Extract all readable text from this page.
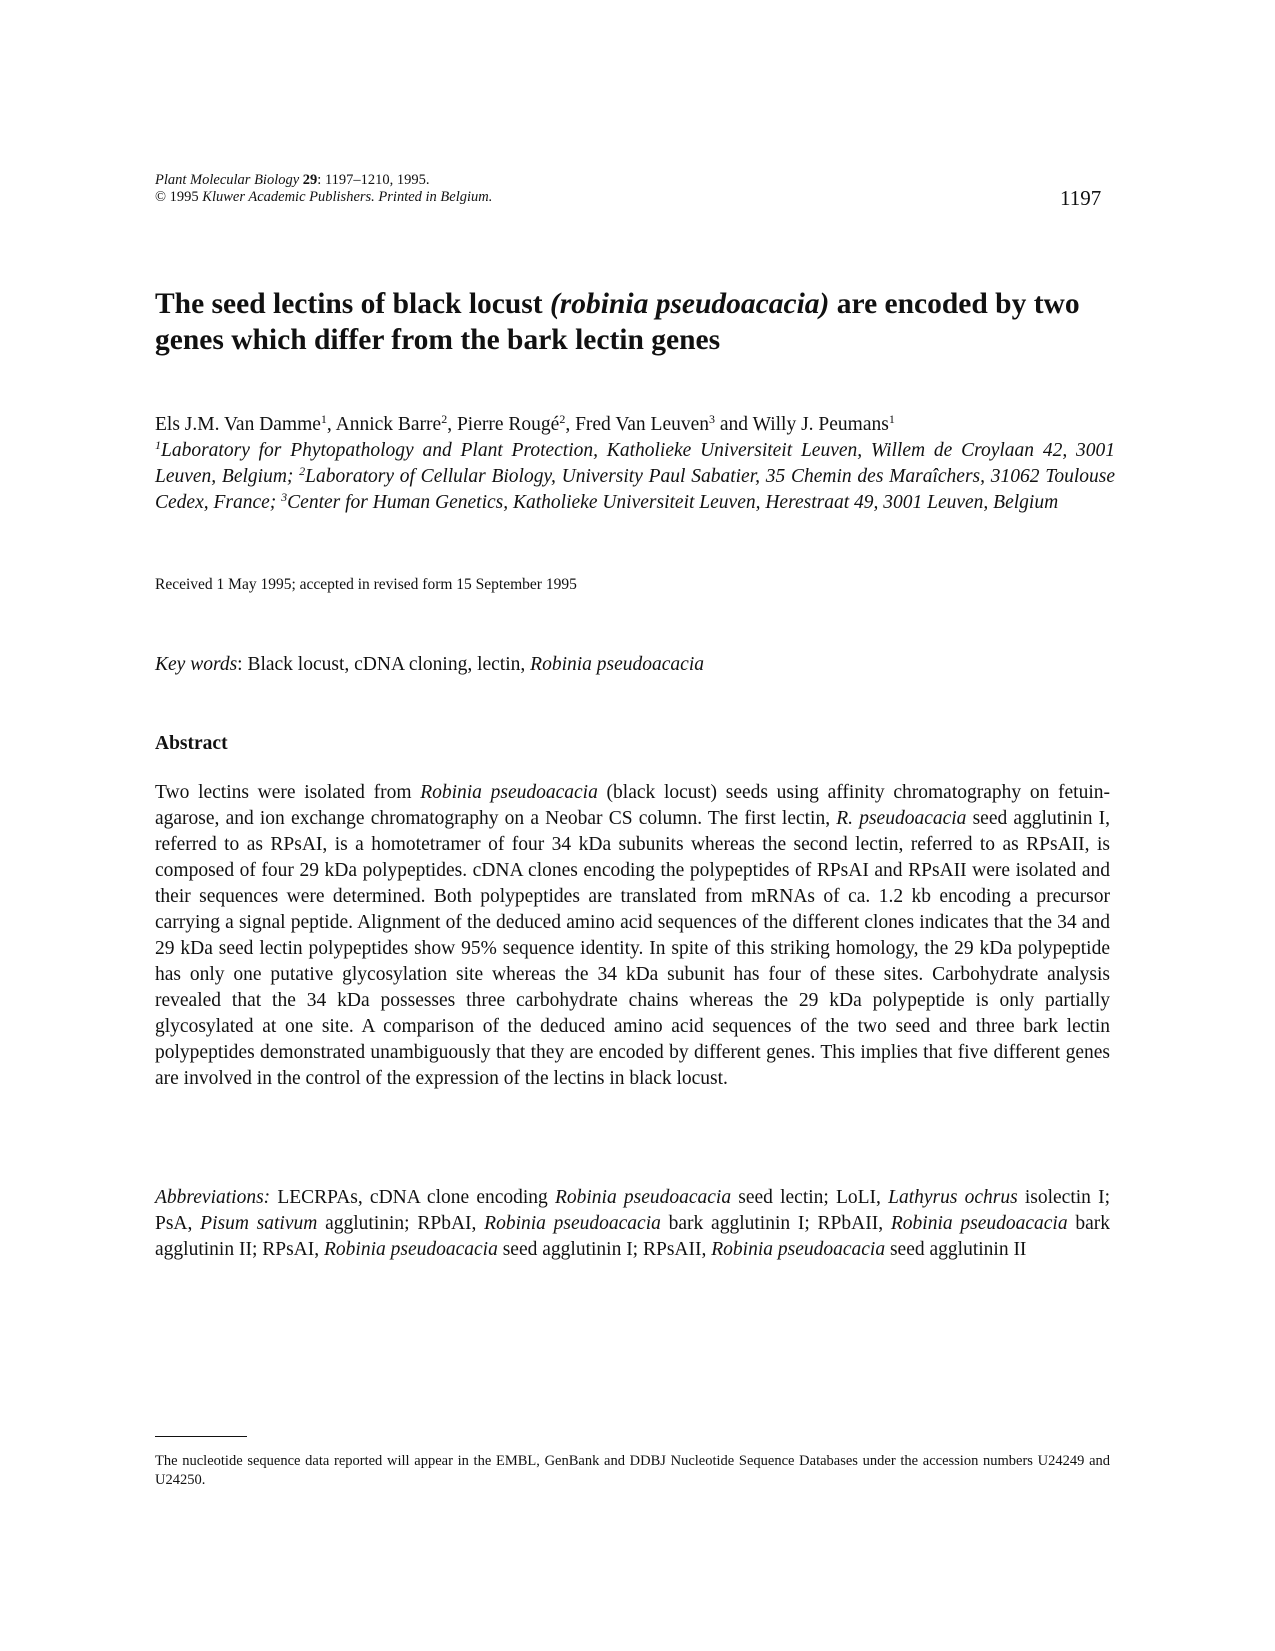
Plant Molecular Biology 29: 1197–1210, 1995.
© 1995 Kluwer Academic Publishers. Printed in Belgium.	1197
The seed lectins of black locust (robinia pseudoacacia) are encoded by two genes which differ from the bark lectin genes
Els J.M. Van Damme$^1$, Annick Barre$^2$, Pierre Rougé$^2$, Fred Van Leuven$^3$ and Willy J. Peumans$^1$
$^1$Laboratory for Phytopathology and Plant Protection, Katholieke Universiteit Leuven, Willem de Croylaan 42, 3001 Leuven, Belgium; $^2$Laboratory of Cellular Biology, University Paul Sabatier, 35 Chemin des Maraîchers, 31062 Toulouse Cedex, France; $^3$Center for Human Genetics, Katholieke Universiteit Leuven, Herestraat 49, 3001 Leuven, Belgium
Received 1 May 1995; accepted in revised form 15 September 1995
Key words: Black locust, cDNA cloning, lectin, Robinia pseudoacacia
Abstract

Two lectins were isolated from Robinia pseudoacacia (black locust) seeds using affinity chromatography on fetuin-agarose, and ion exchange chromatography on a Neobar CS column. The first lectin, R. pseudoacacia seed agglutinin I, referred to as RPsAI, is a homotetramer of four 34 kDa subunits whereas the second lectin, referred to as RPsAII, is composed of four 29 kDa polypeptides. cDNA clones encoding the polypeptides of RPsAI and RPsAII were isolated and their sequences were determined. Both polypeptides are translated from mRNAs of ca. 1.2 kb encoding a precursor carrying a signal peptide. Alignment of the deduced amino acid sequences of the different clones indicates that the 34 and 29 kDa seed lectin polypeptides show 95% sequence identity. In spite of this striking homology, the 29 kDa polypeptide has only one putative glycosylation site whereas the 34 kDa subunit has four of these sites. Carbohydrate analysis revealed that the 34 kDa possesses three carbohydrate chains whereas the 29 kDa polypeptide is only partially glycosylated at one site. A comparison of the deduced amino acid sequences of the two seed and three bark lectin polypeptides demonstrated unambiguously that they are encoded by different genes. This implies that five different genes are involved in the control of the expression of the lectins in black locust.

Abbreviations: LECRPAs, cDNA clone encoding Robinia pseudoacacia seed lectin; LoLI, Lathyrus ochrus isolectin I; PsA, Pisum sativum agglutinin; RPbAI, Robinia pseudoacacia bark agglutinin I; RPbAII, Robinia pseudoacacia bark agglutinin II; RPsAI, Robinia pseudoacacia seed agglutinin I; RPsAII, Robinia pseudoacacia seed agglutinin II

The nucleotide sequence data reported will appear in the EMBL, GenBank and DDBJ Nucleotide Sequence Databases under the accession numbers U24249 and U24250.
